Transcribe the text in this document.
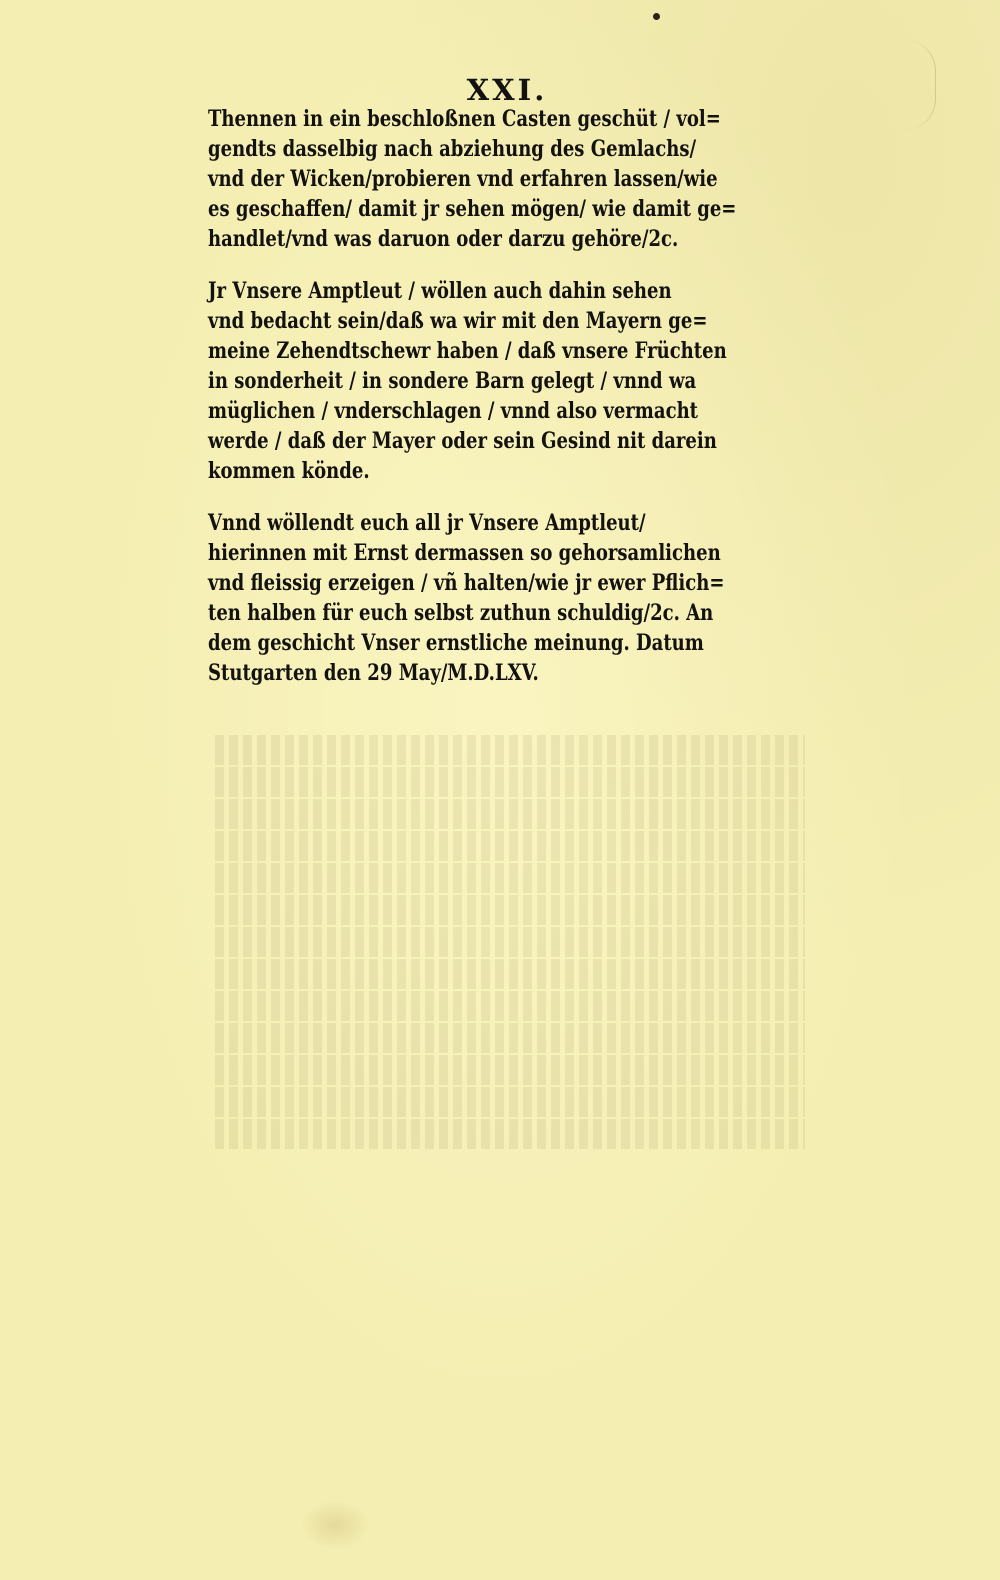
XXI.
Thennen in ein beschloßnen Casten geschüt / vol=
gendts dasselbig nach abziehung des Gemlachs/
vnd der Wicken/probieren vnd erfahren lassen/wie
es geschaffen/ damit jr sehen mögen/ wie damit ge=
handlet/vnd was daruon oder darzu gehöre/2c.
Jr Vnsere Amptleut / wöllen auch dahin sehen
vnd bedacht sein/daß wa wir mit den Mayern ge=
meine Zehendtschewr haben / daß vnsere Früchten
in sonderheit / in sondere Barn gelegt / vnnd wa
müglichen / vnderschlagen / vnnd also vermacht
werde / daß der Mayer oder sein Gesind nit darein
kommen könde.
Vnnd wöllendt euch all jr Vnsere Amptleut/
hierinnen mit Ernst dermassen so gehorsamlichen
vnd fleissig erzeigen / vñ halten/wie jr ewer Pflich=
ten halben für euch selbst zuthun schuldig/2c. An
dem geschicht Vnser ernstliche meinung. Datum
Stutgarten den 29 May/M.D.LXV.
